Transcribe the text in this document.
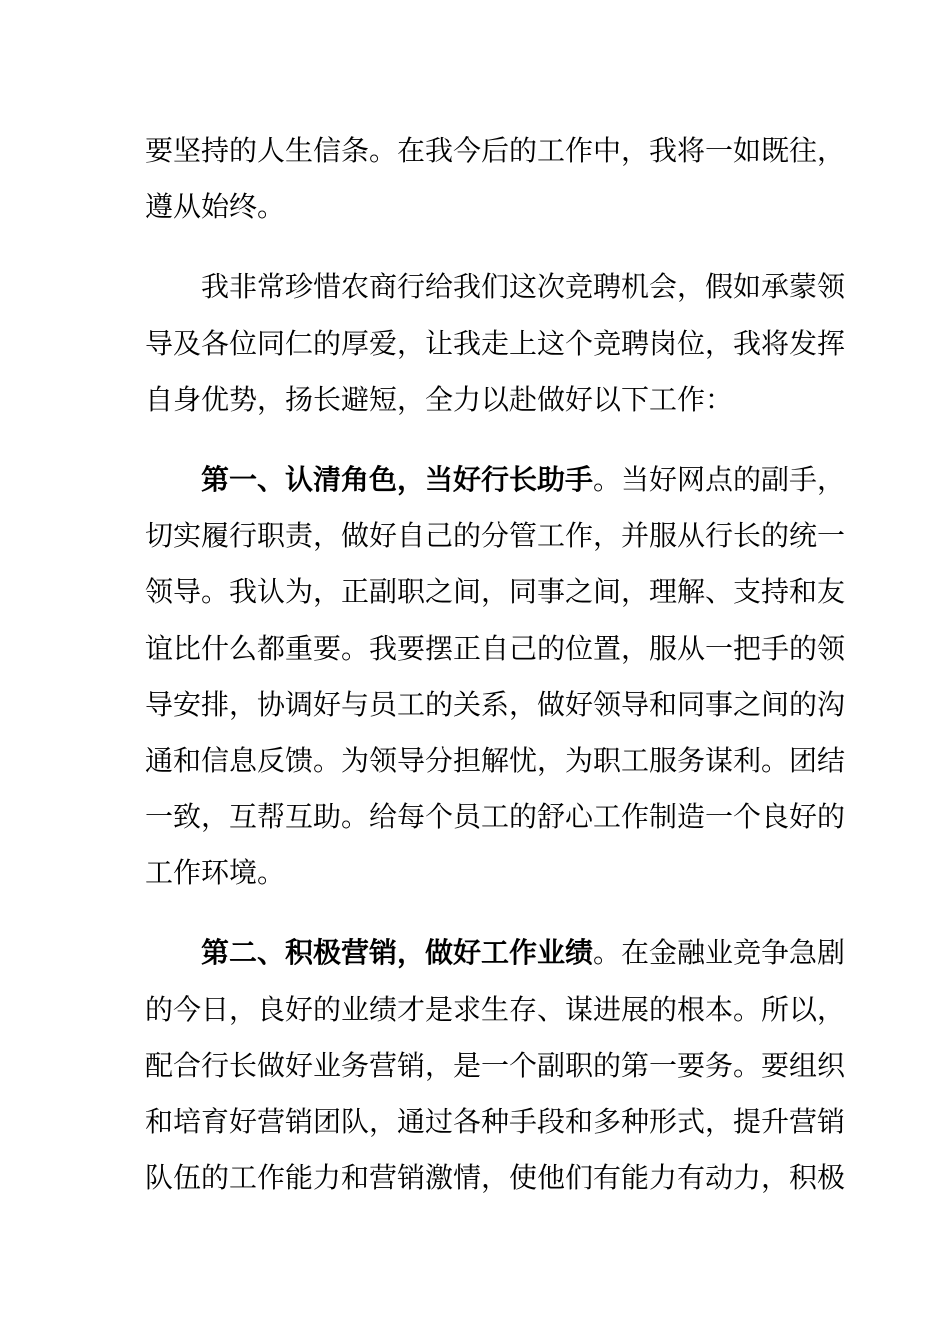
要坚持的人生信条。在我今后的工作中，我将一如既往，
遵从始终。
　　我非常珍惜农商行给我们这次竞聘机会，假如承蒙领
导及各位同仁的厚爱，让我走上这个竞聘岗位，我将发挥
自身优势，扬长避短，全力以赴做好以下工作：
　　第一、认清角色，当好行长助手。当好网点的副手，
切实履行职责，做好自己的分管工作，并服从行长的统一
领导。我认为，正副职之间，同事之间，理解、支持和友
谊比什么都重要。我要摆正自己的位置，服从一把手的领
导安排，协调好与员工的关系，做好领导和同事之间的沟
通和信息反馈。为领导分担解忧，为职工服务谋利。团结
一致，互帮互助。给每个员工的舒心工作制造一个良好的
工作环境。
　　第二、积极营销，做好工作业绩。在金融业竞争急剧
的今日，良好的业绩才是求生存、谋进展的根本。所以，
配合行长做好业务营销，是一个副职的第一要务。要组织
和培育好营销团队，通过各种手段和多种形式，提升营销
队伍的工作能力和营销激情，使他们有能力有动力，积极
